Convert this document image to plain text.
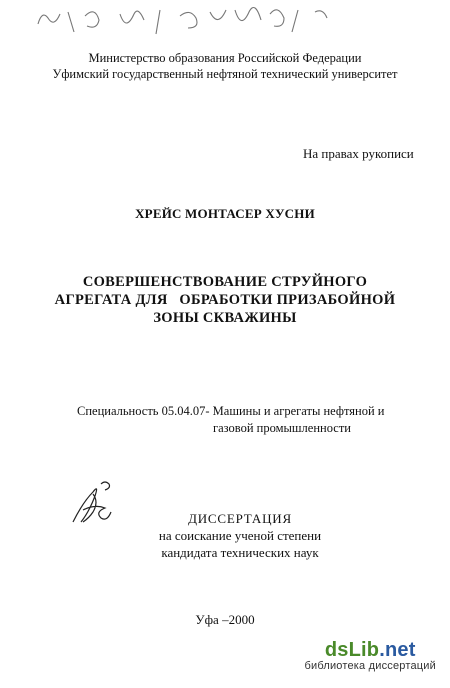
Министерство образования Российской Федерации
Уфимский государственный нефтяной технический университет
На правах рукописи
ХРЕЙС МОНТАСЕР ХУСНИ
СОВЕРШЕНСТВОВАНИЕ СТРУЙНОГО
АГРЕГАТА ДЛЯ   ОБРАБОТКИ ПРИЗАБОЙНОЙ
ЗОНЫ СКВАЖИНЫ
Специальность 05.04.07- Машины и агрегаты нефтяной и
газовой промышленности
ДИССЕРТАЦИЯ
на соискание ученой степени
кандидата технических наук
Уфа –2000
dsLib.net
библиотека диссертаций
